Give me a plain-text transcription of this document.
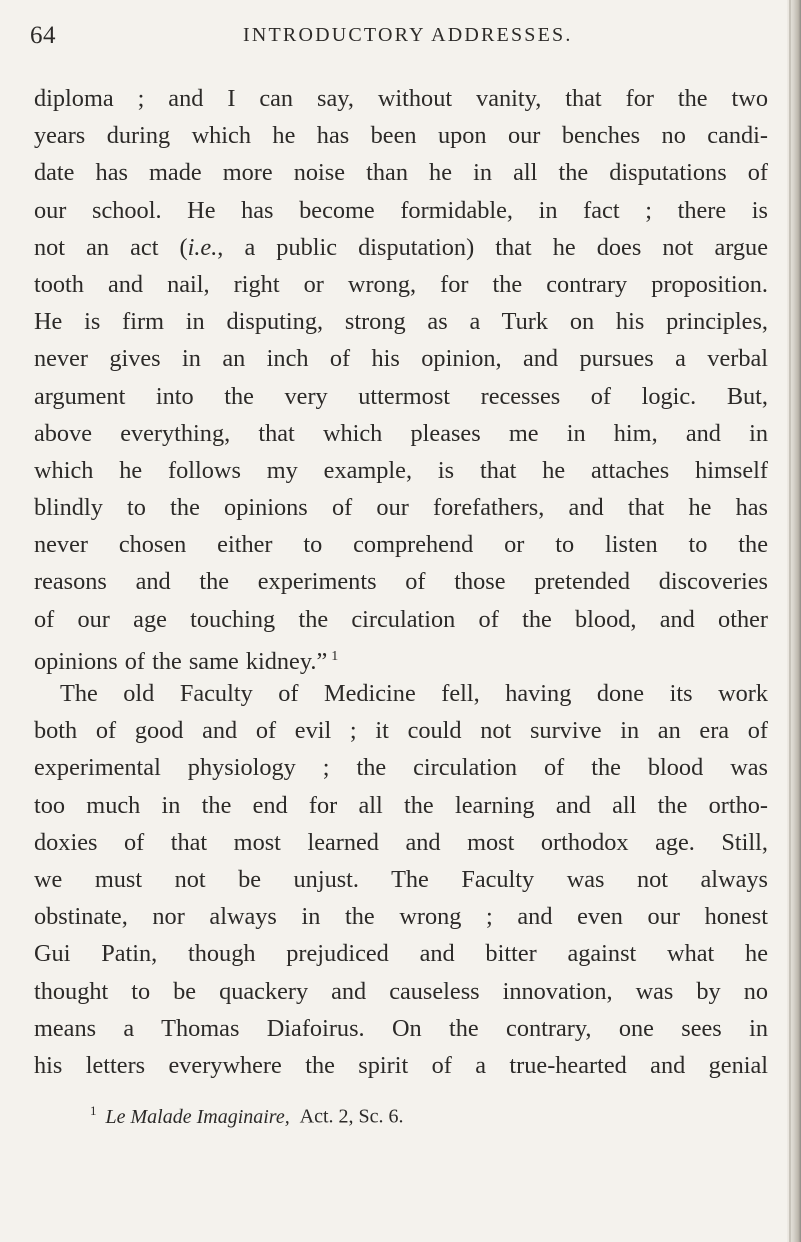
64	INTRODUCTORY ADDRESSES.
diploma ; and I can say, without vanity, that for the two
years during which he has been upon our benches no candi-
date has made more noise than he in all the disputations of
our school. He has become formidable, in fact ; there is
not an act (i.e., a public disputation) that he does not argue
tooth and nail, right or wrong, for the contrary proposition.
He is firm in disputing, strong as a Turk on his principles,
never gives in an inch of his opinion, and pursues a verbal
argument into the very uttermost recesses of logic. But,
above everything, that which pleases me in him, and in
which he follows my example, is that he attaches himself
blindly to the opinions of our forefathers, and that he has
never chosen either to comprehend or to listen to the
reasons and the experiments of those pretended discoveries
of our age touching the circulation of the blood, and other
opinions of the same kidney.” $^1$
The old Faculty of Medicine fell, having done its work
both of good and of evil ; it could not survive in an era of
experimental physiology ; the circulation of the blood was
too much in the end for all the learning and all the ortho-
doxies of that most learned and most orthodox age. Still,
we must not be unjust. The Faculty was not always
obstinate, nor always in the wrong ; and even our honest
Gui Patin, though prejudiced and bitter against what he
thought to be quackery and causeless innovation, was by no
means a Thomas Diafoirus. On the contrary, one sees in
his letters everywhere the spirit of a true-hearted and genial
$^1$ Le Malade Imaginaire, Act. 2, Sc. 6.
